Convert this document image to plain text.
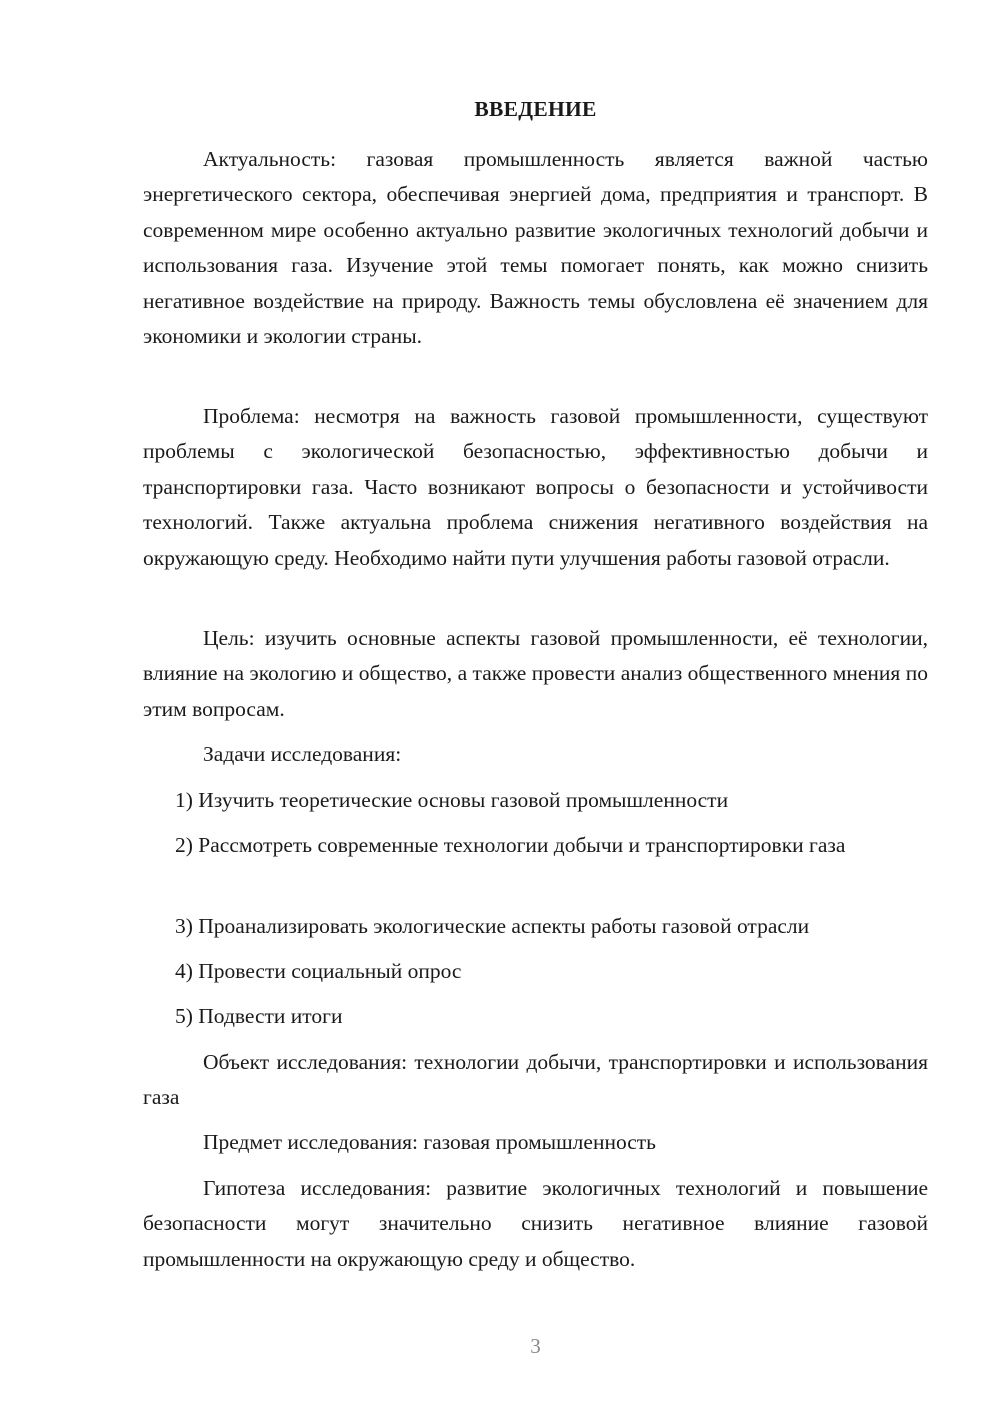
ВВЕДЕНИЕ

Актуальность: газовая промышленность является важной частью энергетического сектора, обеспечивая энергией дома, предприятия и транспорт. В современном мире особенно актуально развитие экологичных технологий добычи и использования газа. Изучение этой темы помогает понять, как можно снизить негативное воздействие на природу. Важность темы обусловлена её значением для экономики и экологии страны.

Проблема: несмотря на важность газовой промышленности, существуют проблемы с экологической безопасностью, эффективностью добычи и транспортировки газа. Часто возникают вопросы о безопасности и устойчивости технологий. Также актуальна проблема снижения негативного воздействия на окружающую среду. Необходимо найти пути улучшения работы газовой отрасли.

Цель: изучить основные аспекты газовой промышленности, её технологии, влияние на экологию и общество, а также провести анализ общественного мнения по этим вопросам.

Задачи исследования:

1) Изучить теоретические основы газовой промышленности

2) Рассмотреть современные технологии добычи и транспортировки газа

3) Проанализировать экологические аспекты работы газовой отрасли

4) Провести социальный опрос

5) Подвести итоги

Объект исследования: технологии добычи, транспортировки и использования газа

Предмет исследования: газовая промышленность

Гипотеза исследования: развитие экологичных технологий и повышение безопасности могут значительно снизить негативное влияние газовой промышленности на окружающую среду и общество.

3
